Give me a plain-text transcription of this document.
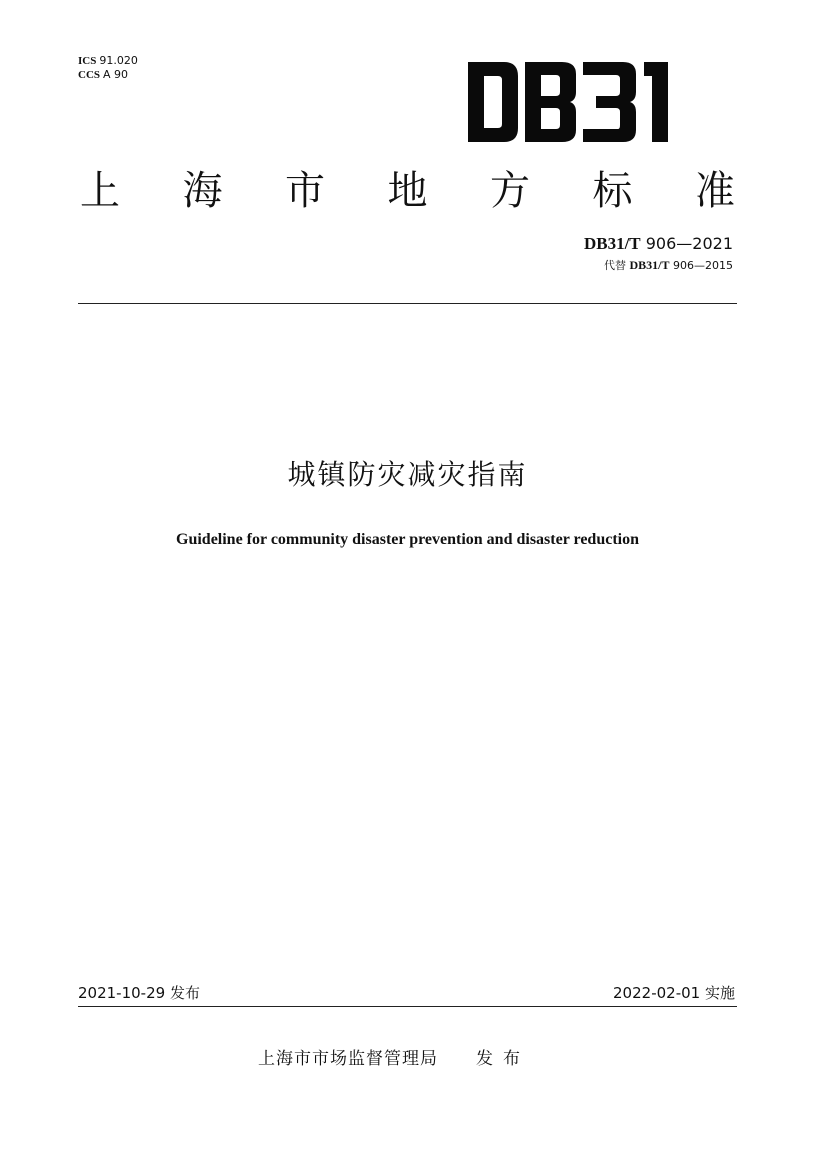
ICS 91.020
CCS A 90
上 海 市 地 方 标 准
DB31/T 906—2021
代替 DB31/T 906—2015
城镇防灾减灾指南
Guideline for community disaster prevention and disaster reduction
2021-10-29 发布	2022-02-01 实施
上海市市场监督管理局 发布
